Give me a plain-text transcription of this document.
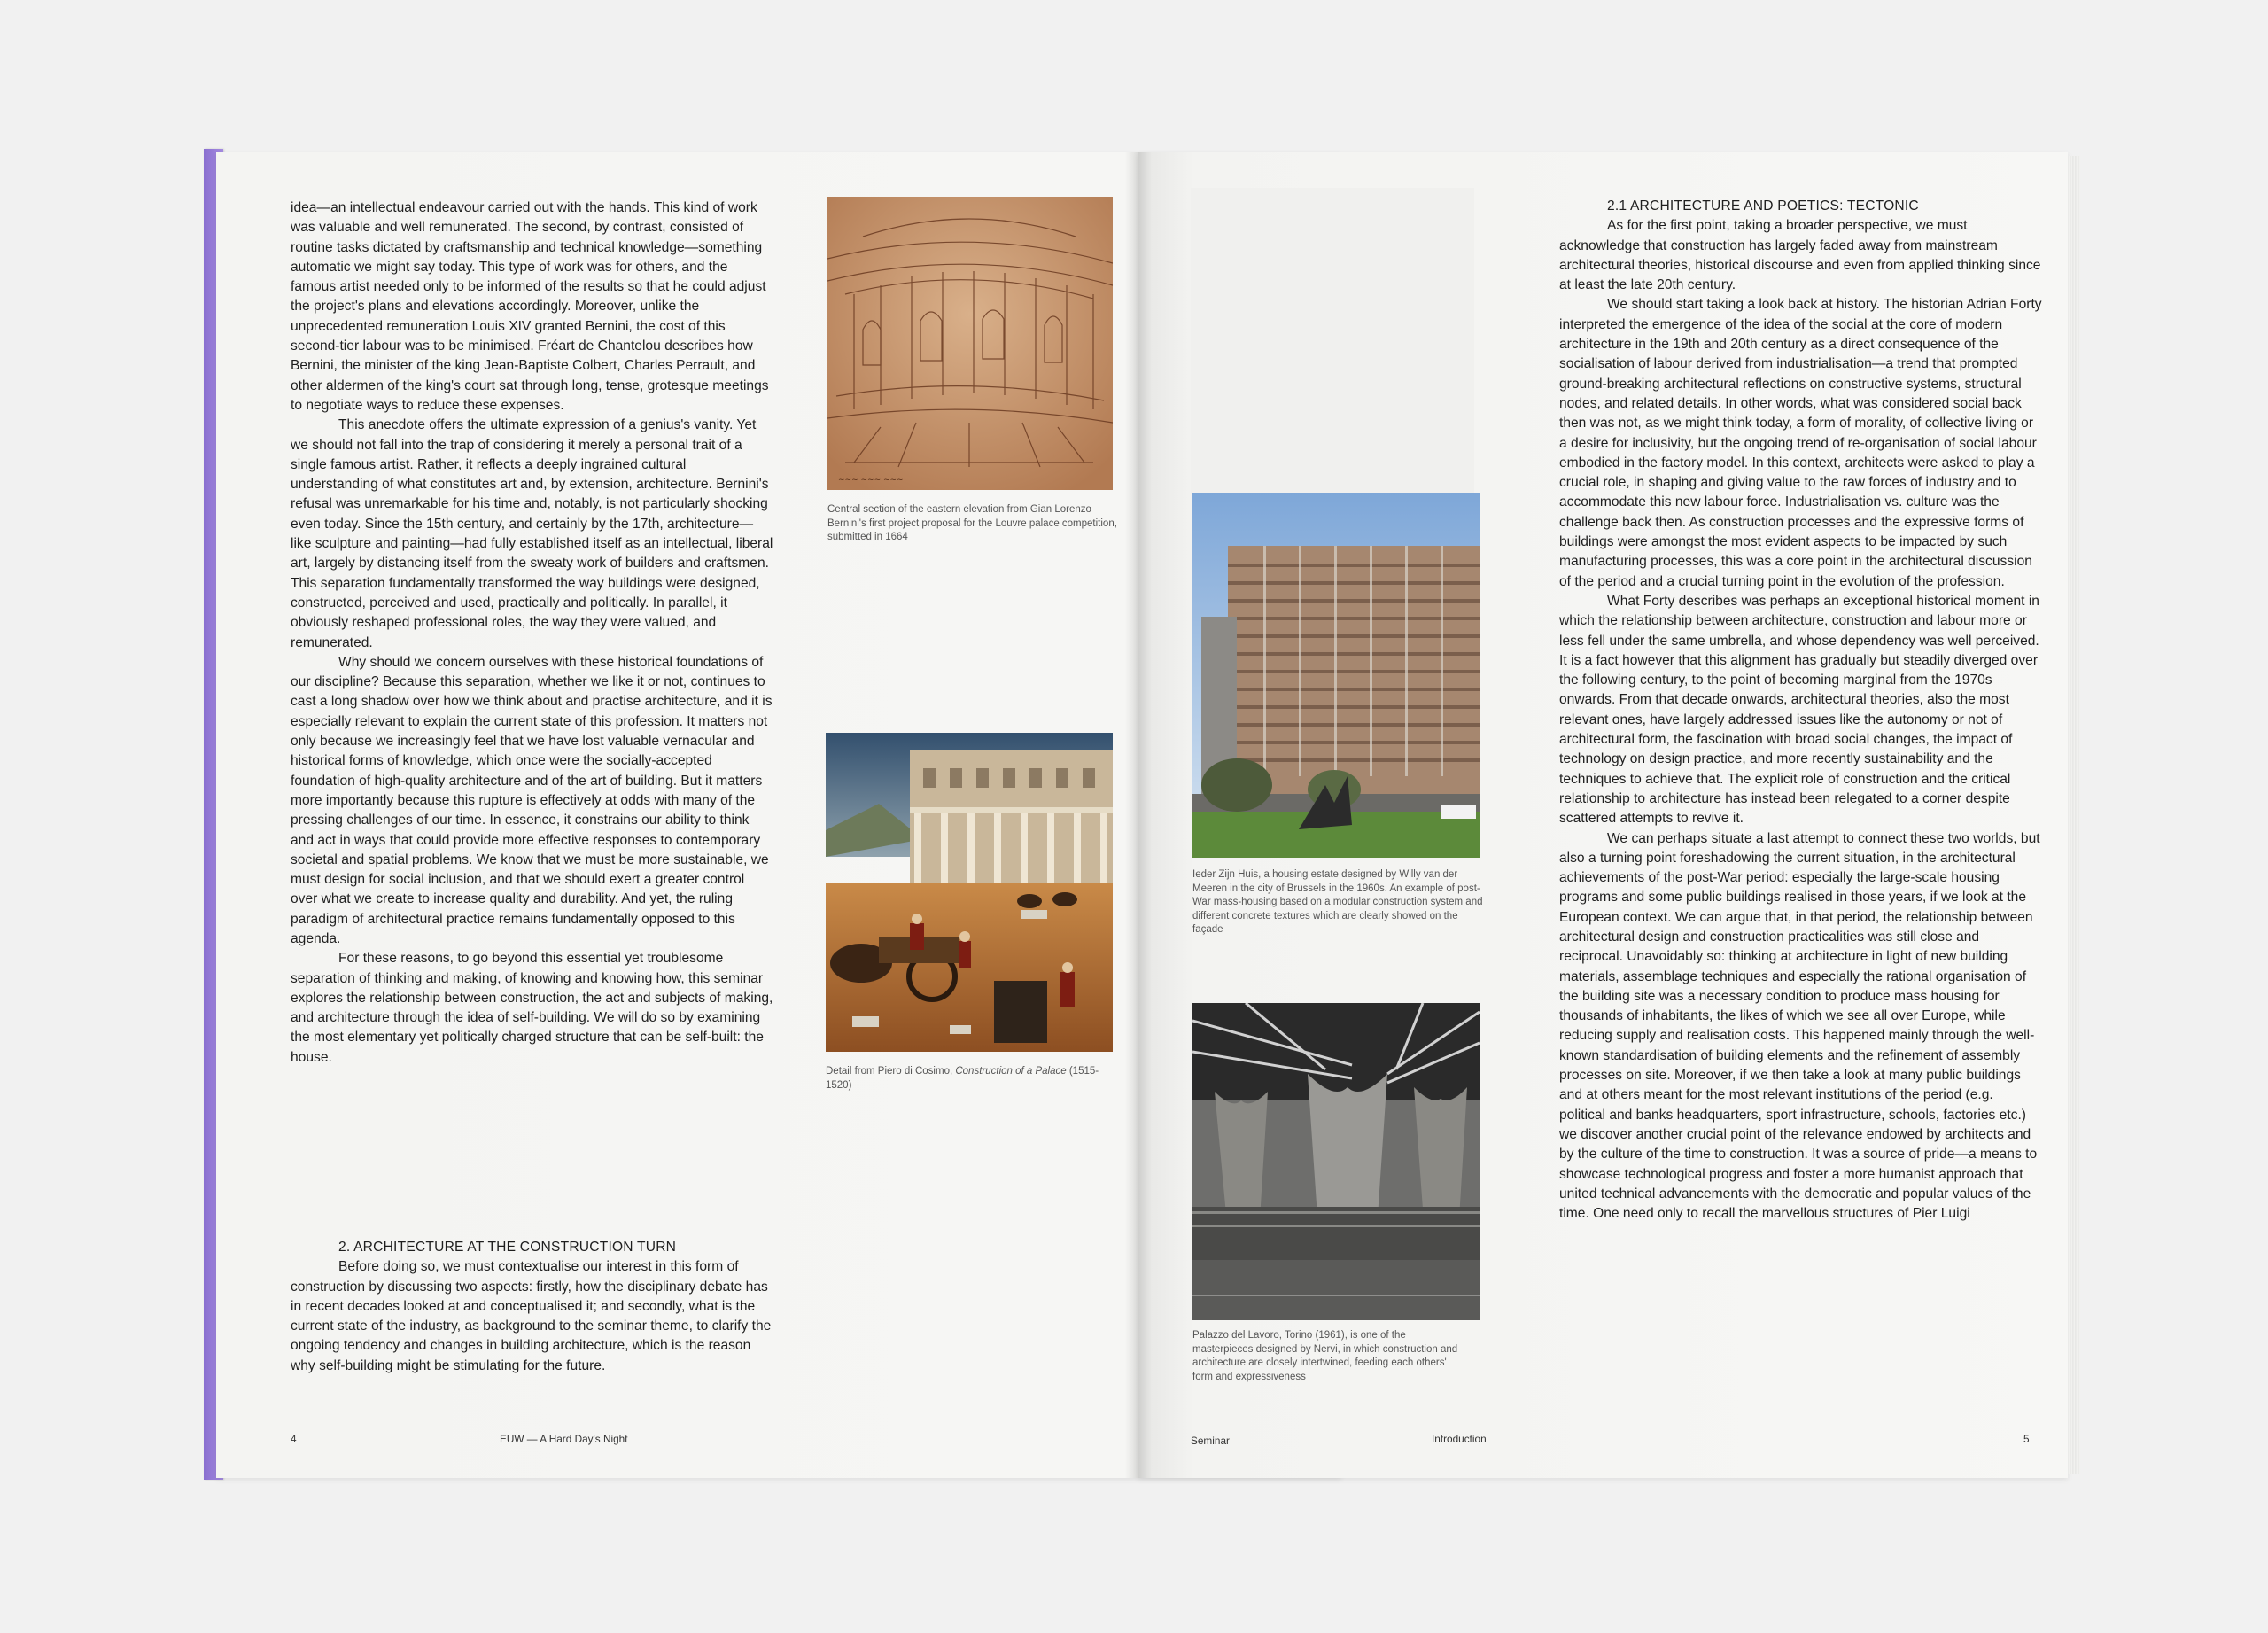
idea—an intellectual endeavour carried out with the hands. This kind of work was valuable and well remunerated. The second, by contrast, consisted of routine tasks dictated by craftsmanship and technical knowledge—something automatic we might say today. This type of work was for others, and the famous artist needed only to be informed of the results so that he could adjust the project's plans and elevations accordingly. Moreover, unlike the unprecedented remuneration Louis XIV granted Bernini, the cost of this second-tier labour was to be minimised. Fréart de Chantelou describes how Bernini, the minister of the king Jean-Baptiste Colbert, Charles Perrault, and other aldermen of the king's court sat through long, tense, grotesque meetings to negotiate ways to reduce these expenses.

This anecdote offers the ultimate expression of a genius's vanity. Yet we should not fall into the trap of considering it merely a personal trait of a single famous artist. Rather, it reflects a deeply ingrained cultural understanding of what constitutes art and, by extension, architecture. Bernini's refusal was unremarkable for his time and, notably, is not particularly shocking even today. Since the 15th century, and certainly by the 17th, architecture—like sculpture and painting—had fully established itself as an intellectual, liberal art, largely by distancing itself from the sweaty work of builders and craftsmen. This separation fundamentally transformed the way buildings were designed, constructed, perceived and used, practically and politically. In parallel, it obviously reshaped professional roles, the way they were valued, and remunerated.

Why should we concern ourselves with these historical foundations of our discipline? Because this separation, whether we like it or not, continues to cast a long shadow over how we think about and practise architecture, and it is especially relevant to explain the current state of this profession. It matters not only because we increasingly feel that we have lost valuable vernacular and historical forms of knowledge, which once were the socially-accepted foundation of high-quality architecture and of the art of building. But it matters more importantly because this rupture is effectively at odds with many of the pressing challenges of our time. In essence, it constrains our ability to think and act in ways that could provide more effective responses to contemporary societal and spatial problems. We know that we must be more sustainable, we must design for social inclusion, and that we should exert a greater control over what we create to increase quality and durability. And yet, the ruling paradigm of architectural practice remains fundamentally opposed to this agenda.

For these reasons, to go beyond this essential yet troublesome separation of thinking and making, of knowing and knowing how, this seminar explores the relationship between construction, the act and subjects of making, and architecture through the idea of self-building. We will do so by examining the most elementary yet politically charged structure that can be self-built: the house.

2. ARCHITECTURE AT THE CONSTRUCTION TURN

Before doing so, we must contextualise our interest in this form of construction by discussing two aspects: firstly, how the disciplinary debate has in recent decades looked at and conceptualised it; and secondly, what is the current state of the industry, as background to the seminar theme, to clarify the ongoing tendency and changes in building architecture, which is the reason why self-building might be stimulating for the future.

~~~ ~~~ ~~~
Central section of the eastern elevation from Gian Lorenzo Bernini's first project proposal for the Louvre palace competition, submitted in 1664
Detail from Piero di Cosimo, Construction of a Palace (1515-1520)
4	EUW — A Hard Day's Night
Ieder Zijn Huis, a housing estate designed by Willy van der Meeren in the city of Brussels in the 1960s. An example of post-War mass-housing based on a modular construction system and different concrete textures which are clearly showed on the façade
Palazzo del Lavoro, Torino (1961), is one of the masterpieces designed by Nervi, in which construction and architecture are closely intertwined, feeding each others' form and expressiveness
2.1 ARCHITECTURE AND POETICS: TECTONIC

As for the first point, taking a broader perspective, we must acknowledge that construction has largely faded away from mainstream architectural theories, historical discourse and even from applied thinking since at least the late 20th century.

We should start taking a look back at history. The historian Adrian Forty interpreted the emergence of the idea of the social at the core of modern architecture in the 19th and 20th century as a direct consequence of the socialisation of labour derived from industrialisation—a trend that prompted ground-breaking architectural reflections on constructive systems, structural nodes, and related details. In other words, what was considered social back then was not, as we might think today, a form of morality, of collective living or a desire for inclusivity, but the ongoing trend of re-organisation of social labour embodied in the factory model. In this context, architects were asked to play a crucial role, in shaping and giving value to the raw forces of industry and to accommodate this new labour force. Industrialisation vs. culture was the challenge back then. As construction processes and the expressive forms of buildings were amongst the most evident aspects to be impacted by such manufacturing processes, this was a core point in the architectural discussion of the period and a crucial turning point in the evolution of the profession.

What Forty describes was perhaps an exceptional historical moment in which the relationship between architecture, construction and labour more or less fell under the same umbrella, and whose dependency was well perceived. It is a fact however that this alignment has gradually but steadily diverged over the following century, to the point of becoming marginal from the 1970s onwards. From that decade onwards, architectural theories, also the most relevant ones, have largely addressed issues like the autonomy or not of architectural form, the fascination with broad social changes, the impact of technology on design practice, and more recently sustainability and the techniques to achieve that. The explicit role of construction and the critical relationship to architecture has instead been relegated to a corner despite scattered attempts to revive it.

We can perhaps situate a last attempt to connect these two worlds, but also a turning point foreshadowing the current situation, in the architectural achievements of the post-War period: especially the large-scale housing programs and some public buildings realised in those years, if we look at the European context. We can argue that, in that period, the relationship between architectural design and construction practicalities was still close and reciprocal. Unavoidably so: thinking at architecture in light of new building materials, assemblage techniques and especially the rational organisation of the building site was a necessary condition to produce mass housing for thousands of inhabitants, the likes of which we see all over Europe, while reducing supply and realisation costs. This happened mainly through the well-known standardisation of building elements and the refinement of assembly processes on site. Moreover, if we then take a look at many public buildings and at others meant for the most relevant institutions of the period (e.g. political and banks headquarters, sport infrastructure, schools, factories etc.) we discover another crucial point of the relevance endowed by architects and by the culture of the time to construction. It was a source of pride—a means to showcase technological progress and foster a more humanist approach that united technical advancements with the democratic and popular values of the time. One need only to recall the marvellous structures of Pier Luigi

Seminar	Introduction	5
